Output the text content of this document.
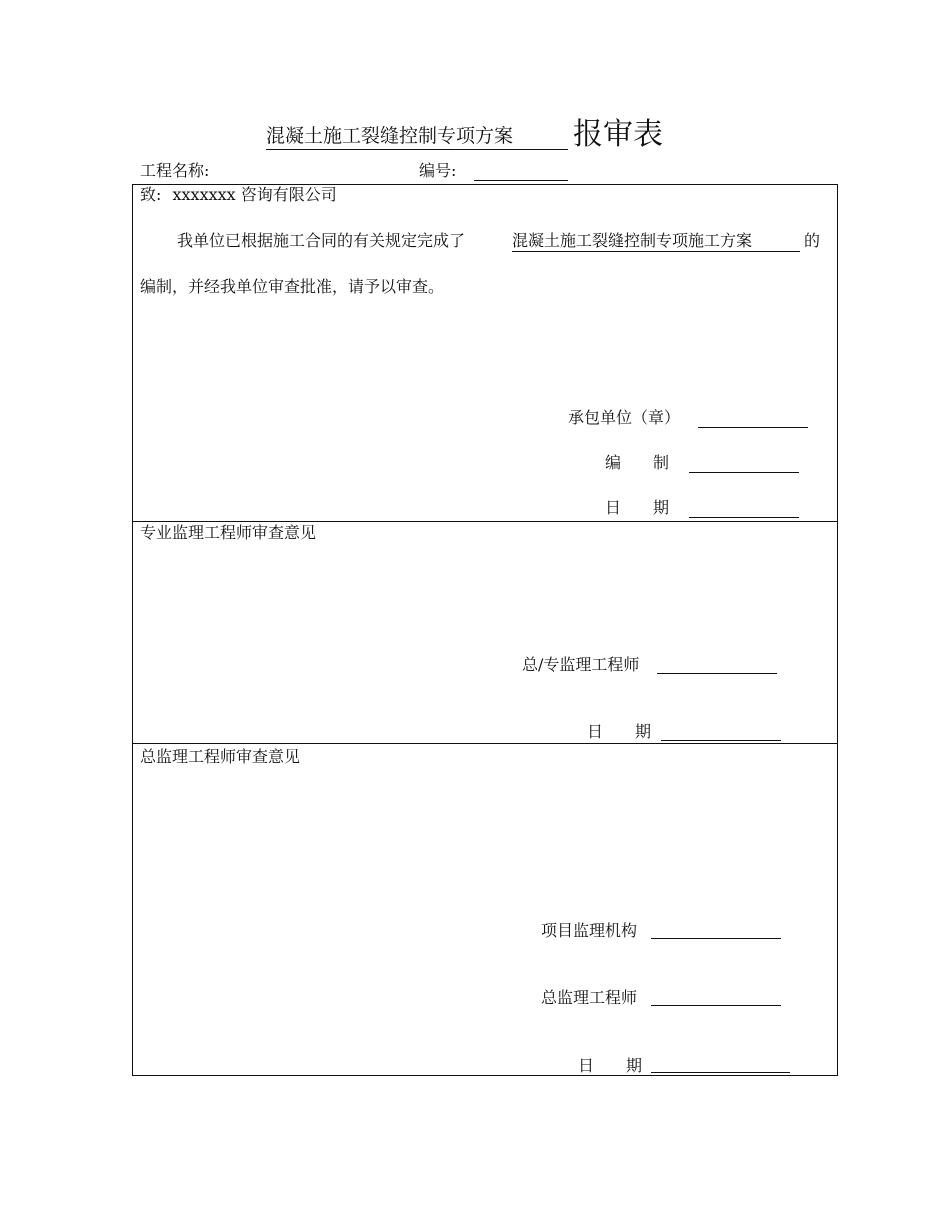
混凝土施工裂缝控制专项方案	报审表
工程名称:	编号:
致: xxxxxxx 咨询有限公司
我单位已根据施工合同的有关规定完成了	混凝土施工裂缝控制专项施工方案	的
编制，并经我单位审查批准，请予以审查。
承包单位（章）
编　　制
日　　期
专业监理工程师审查意见
总/专监理工程师
日　　期
总监理工程师审查意见
项目监理机构
总监理工程师
日　　期
